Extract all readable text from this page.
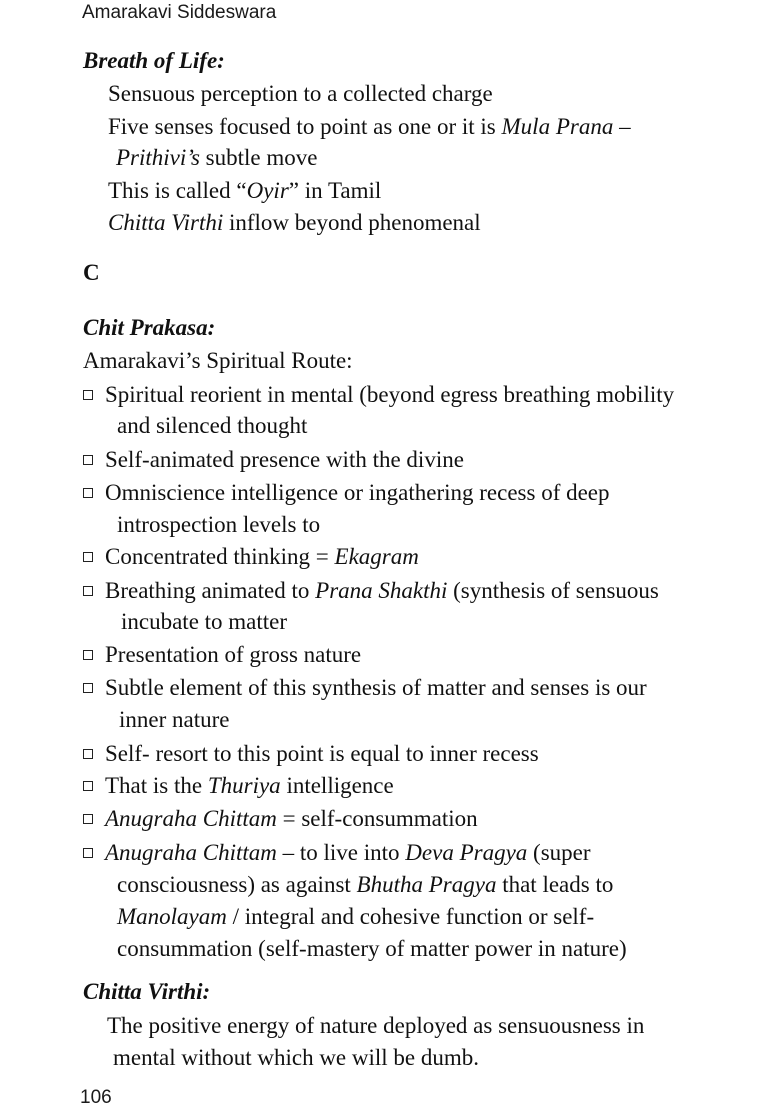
Amarakavi Siddeswara
Breath of Life:
Sensuous perception to a collected charge
Five senses focused to point as one or it is Mula Prana –
Prithivi’s subtle move
This is called “Oyir” in Tamil
Chitta Virthi inflow beyond phenomenal
C
Chit Prakasa:
Amarakavi’s Spiritual Route:
Spiritual reorient in mental (beyond egress breathing mobility
and silenced thought
Self-animated presence with the divine
Omniscience intelligence or ingathering recess of deep
introspection levels to
Concentrated thinking = Ekagram
Breathing animated to Prana Shakthi (synthesis of sensuous
incubate to matter
Presentation of gross nature
Subtle element of this synthesis of matter and senses is our
inner nature
Self- resort to this point is equal to inner recess
That is the Thuriya intelligence
Anugraha Chittam = self-consummation
Anugraha Chittam – to live into Deva Pragya (super
consciousness) as against Bhutha Pragya that leads to
Manolayam / integral and cohesive function or self-
consummation (self-mastery of matter power in nature)
Chitta Virthi:
The positive energy of nature deployed as sensuousness in
mental without which we will be dumb.
106
